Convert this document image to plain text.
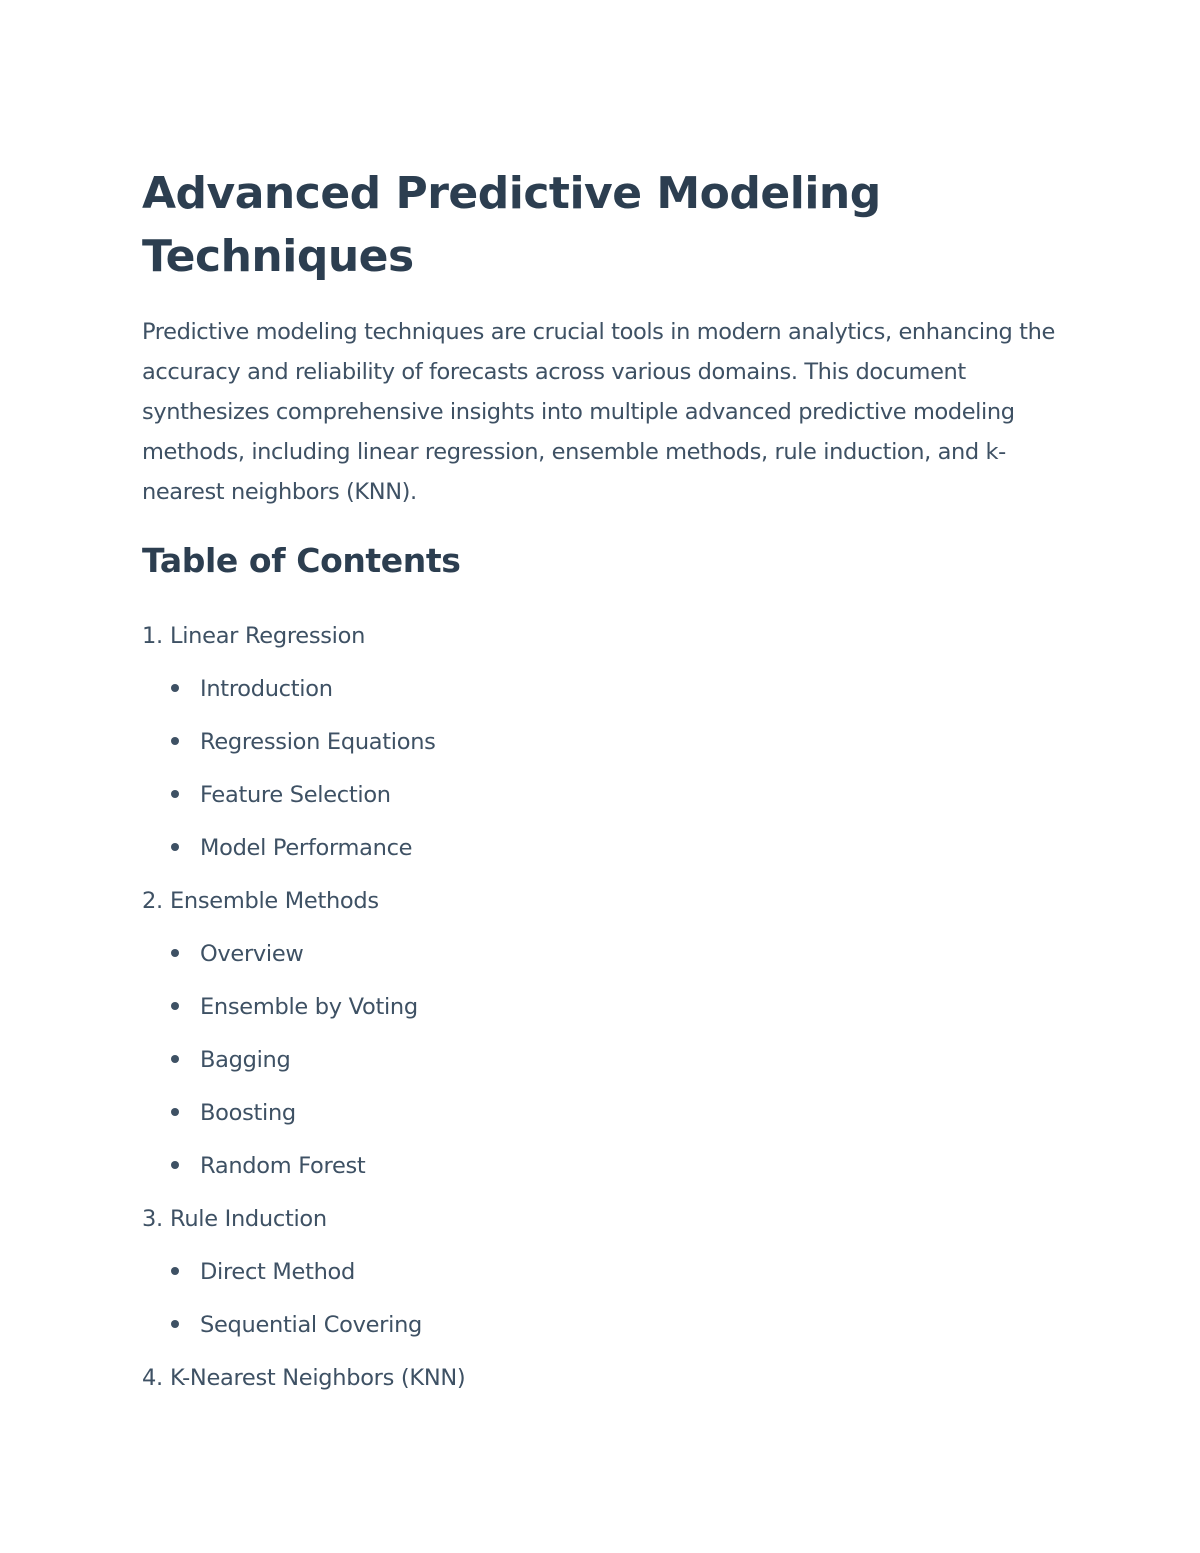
Advanced Predictive Modeling Techniques

Predictive modeling techniques are crucial tools in modern analytics, enhancing the accuracy and reliability of forecasts across various domains. This document synthesizes comprehensive insights into multiple advanced predictive modeling methods, including linear regression, ensemble methods, rule induction, and k-nearest neighbors (KNN).

Table of Contents
1. Linear Regression
Introduction
Regression Equations
Feature Selection
Model Performance
2. Ensemble Methods
Overview
Ensemble by Voting
Bagging
Boosting
Random Forest
3. Rule Induction
Direct Method
Sequential Covering
4. K-Nearest Neighbors (KNN)
